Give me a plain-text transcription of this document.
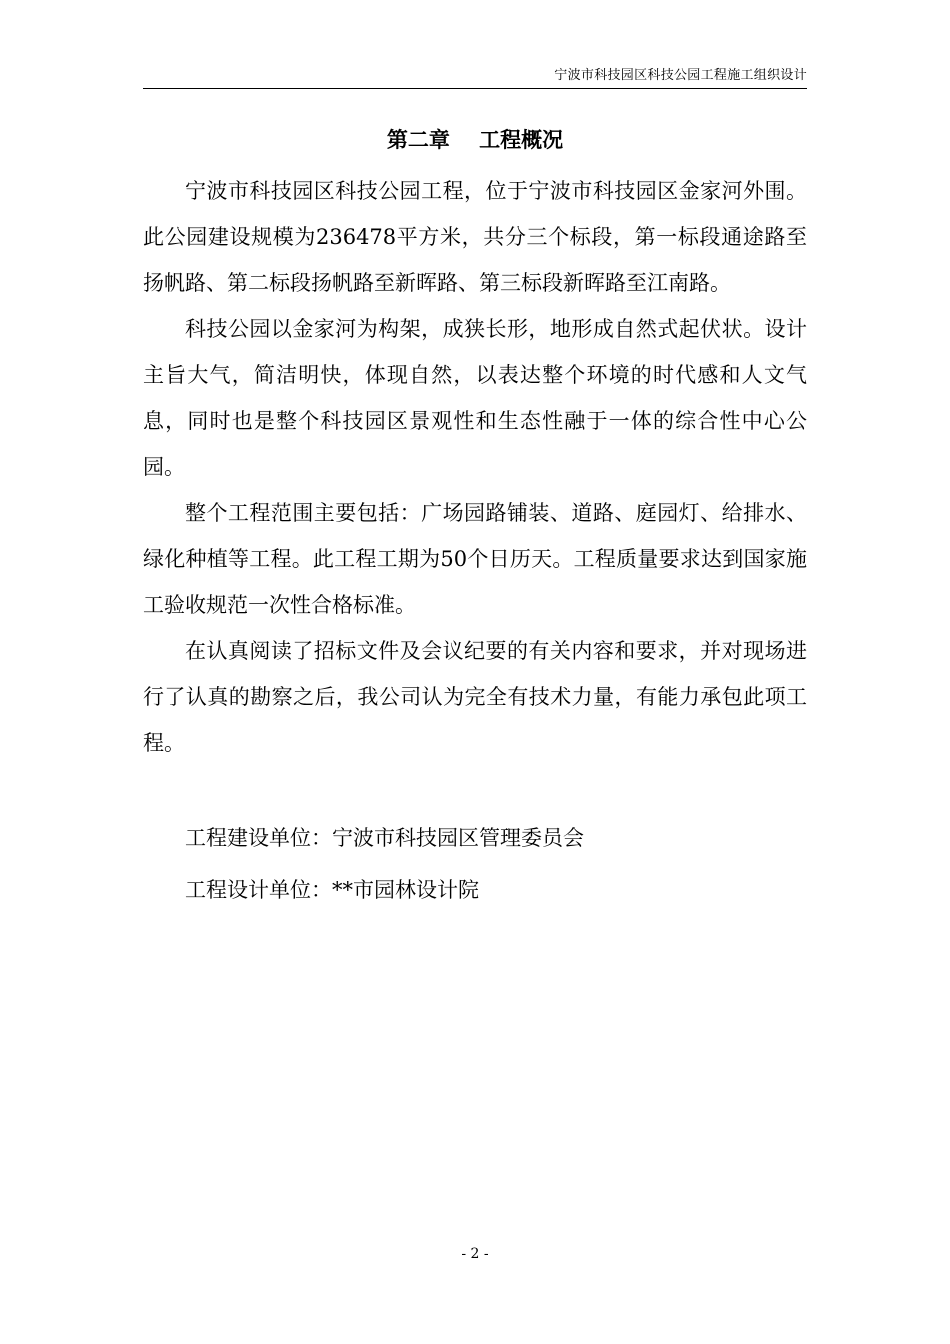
宁波市科技园区科技公园工程施工组织设计
第二章    工程概况

宁波市科技园区科技公园工程，位于宁波市科技园区金家河外围。此公园建设规模为236478平方米，共分三个标段，第一标段通途路至扬帆路、第二标段扬帆路至新晖路、第三标段新晖路至江南路。

科技公园以金家河为构架，成狭长形，地形成自然式起伏状。设计主旨大气，简洁明快，体现自然，以表达整个环境的时代感和人文气息，同时也是整个科技园区景观性和生态性融于一体的综合性中心公园。

整个工程范围主要包括：广场园路铺装、道路、庭园灯、给排水、绿化种植等工程。此工程工期为50个日历天。工程质量要求达到国家施工验收规范一次性合格标准。

在认真阅读了招标文件及会议纪要的有关内容和要求，并对现场进行了认真的勘察之后，我公司认为完全有技术力量，有能力承包此项工程。

工程建设单位：宁波市科技园区管理委员会

工程设计单位：**市园林设计院

- 2 -
